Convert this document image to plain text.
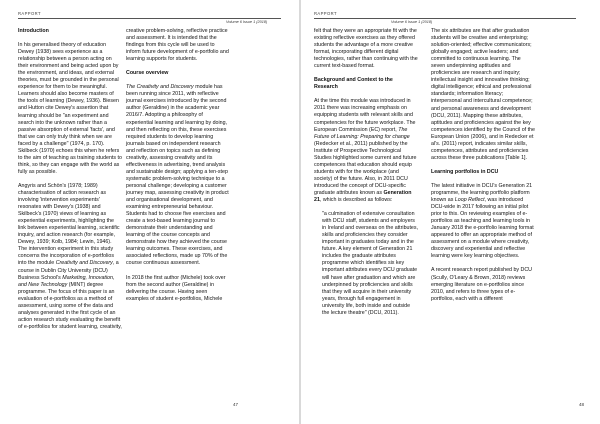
RAPPORT
Volume 6 Issue 1 (2018)

Introduction

In his generalised theory of education Dewey (1938) sees experience as a relationship between a person acting on their environment and being acted upon by the environment, and ideas, and external theories, must be grounded in the personal experience for them to be meaningful. Learners should also become masters of the tools of learning (Dewey, 1936). Biesen and Hutton cite Dewey's assertion that learning should be "an experiment and search into the unknown rather than a passive absorption of external 'facts', and that we can only truly think when we are faced by a challenge" (1974, p. 170). Skilbeck (1970) echoes this when he refers to the aim of teaching as training students to think, so they can engage with the world as fully as possible.

Angyris and Schön's (1978; 1989) characterisation of action research as involving 'intervention experiments' resonates with Dewey's (1938) and Skilbeck's (1970) views of learning as experiential experiments, highlighting the link between experiential learning, scientific inquiry, and action research (for example, Dewey, 1939; Kolb, 1984; Lewin, 1946). The intervention experiment in this study concerns the incorporation of e-portfolios into the module Creativity and Discovery, a course in Dublin City University (DCU) Business School's Marketing, Innovation, and New Technology (MINT) degree programme. The focus of this paper is an evaluation of e-portfolios as a method of assessment, using some of the data and analyses generated in the first cycle of an action research study evaluating the benefit of e-portfolios for student learning, creativity,

creative problem-solving, reflective practice and assessment. It is intended that the findings from this cycle will be used to inform future development of e-portfolio and learning supports for students.

Course overview

The Creativity and Discovery module has been running since 2011, with reflective journal exercises introduced by the second author (Geraldine) in the academic year 2016/7. Adopting a philosophy of experiential learning and learning by doing, and then reflecting on this, these exercises required students to develop learning journals based on independent research and reflection on topics such as defining creativity, assessing creativity and its effectiveness in advertising, trend analysis and sustainable design; applying a ten-step systematic problem-solving technique to a personal challenge; developing a customer journey map, assessing creativity in product and organisational development, and examining entrepreneurial behaviour. Students had to choose five exercises and create a text-based learning journal to demonstrate their understanding and learning of the course concepts and demonstrate how they achieved the course learning outcomes. These exercises, and associated reflections, made up 70% of the course continuous assessment.

In 2018 the first author (Michele) took over from the second author (Geraldine) in delivering the course. Having seen examples of student e-portfolios, Michele

47
RAPPORT
Volume 6 Issue 1 (2018)

felt that they were an appropriate fit with the existing reflective exercises as they offered students the advantage of a more creative format, incorporating different digital technologies, rather than continuing with the current text-based format.

Background and Context to the Research

At the time this module was introduced in 2011 there was increasing emphasis on equipping students with relevant skills and competencies for the future workplace. The European Commission (EC) report, The Future of Learning: Preparing for change (Redecker et al., 2011) published by the Institute of Prospective Technological Studies highlighted some current and future competences that education should equip students with for the workplace (and society) of the future. Also, in 2011 DCU introduced the concept of DCU-specific graduate attributes known as Generation 21, which is described as follows:

"a culmination of extensive consultation with DCU staff, students and employers in Ireland and overseas on the attributes, skills and proficiencies they consider important in graduates today and in the future. A key element of Generation 21 includes the graduate attributes programme which identifies six key important attributes every DCU graduate will have after graduation and which are underpinned by proficiencies and skills that they will acquire in their university years, through full engagement in university life, both inside and outside the lecture theatre" (DCU, 2011).

The six attributes are that after graduation students will be creative and enterprising; solution-oriented; effective communicators; globally engaged; active leaders; and committed to continuous learning. The seven underpinning aptitudes and proficiencies are research and inquiry; intellectual insight and innovative thinking; digital intelligence; ethical and professional standards; information literacy; interpersonal and intercultural competence; and personal awareness and development (DCU, 2011). Mapping these attributes, aptitudes and proficiencies against the key competences identified by the Council of the European Union (2006), and in Redecker et al's. (2011) report, indicates similar skills, competences, attributes and proficiencies across these three publications [Table 1].

Learning portfolios in DCU

The latest initiative in DCU's Generation 21 programme, the learning portfolio platform known as Loop Reflect, was introduced DCU-wide in 2017 following an initial pilot prior to this. On reviewing examples of e-portfolios as teaching and learning tools in January 2018 the e-portfolio learning format appeared to offer an appropriate method of assessment on a module where creativity, discovery and experiential and reflective learning were key learning objectives.

A recent research report published by DCU (Scully, O'Leary & Brown, 2018) reviews emerging literature on e-portfolios since 2010, and refers to three types of e-portfolios, each with a different

48
